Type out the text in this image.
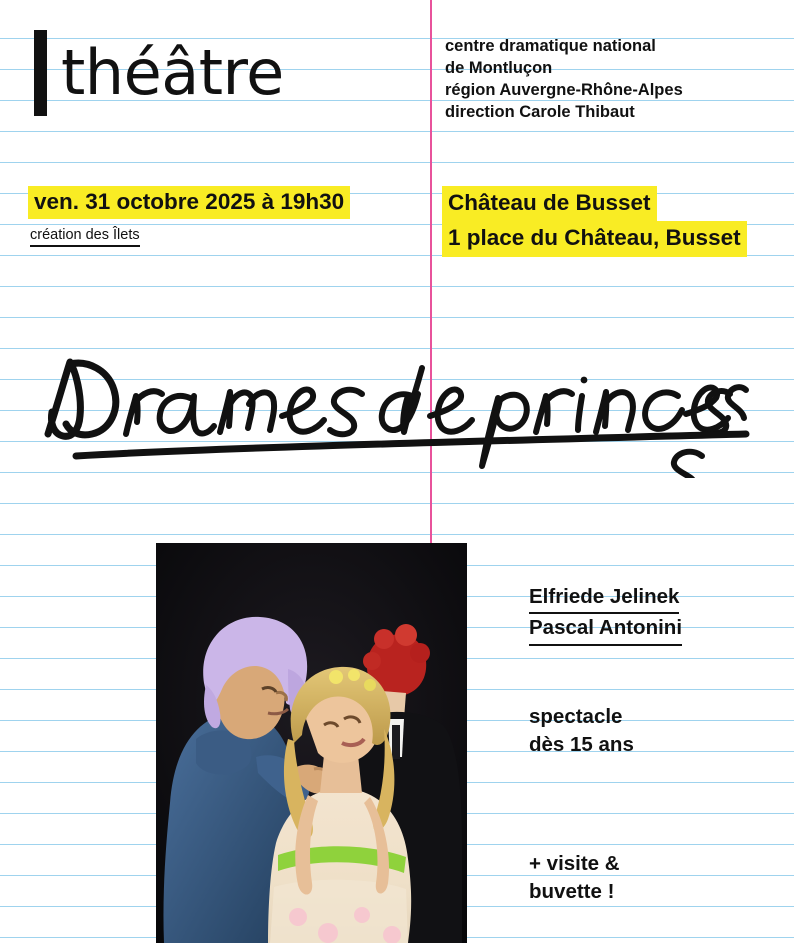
théâtre	centre dramatique national
de Montluçon
région Auvergne-Rhône-Alpes
direction Carole Thibaut
ven. 31 octobre 2025 à 19h30
création des Îlets
Château de Busset
1 place du Château, Busset
Elfriede Jelinek
Pascal Antonini
spectacle
dès 15 ans
+ visite &
buvette !
